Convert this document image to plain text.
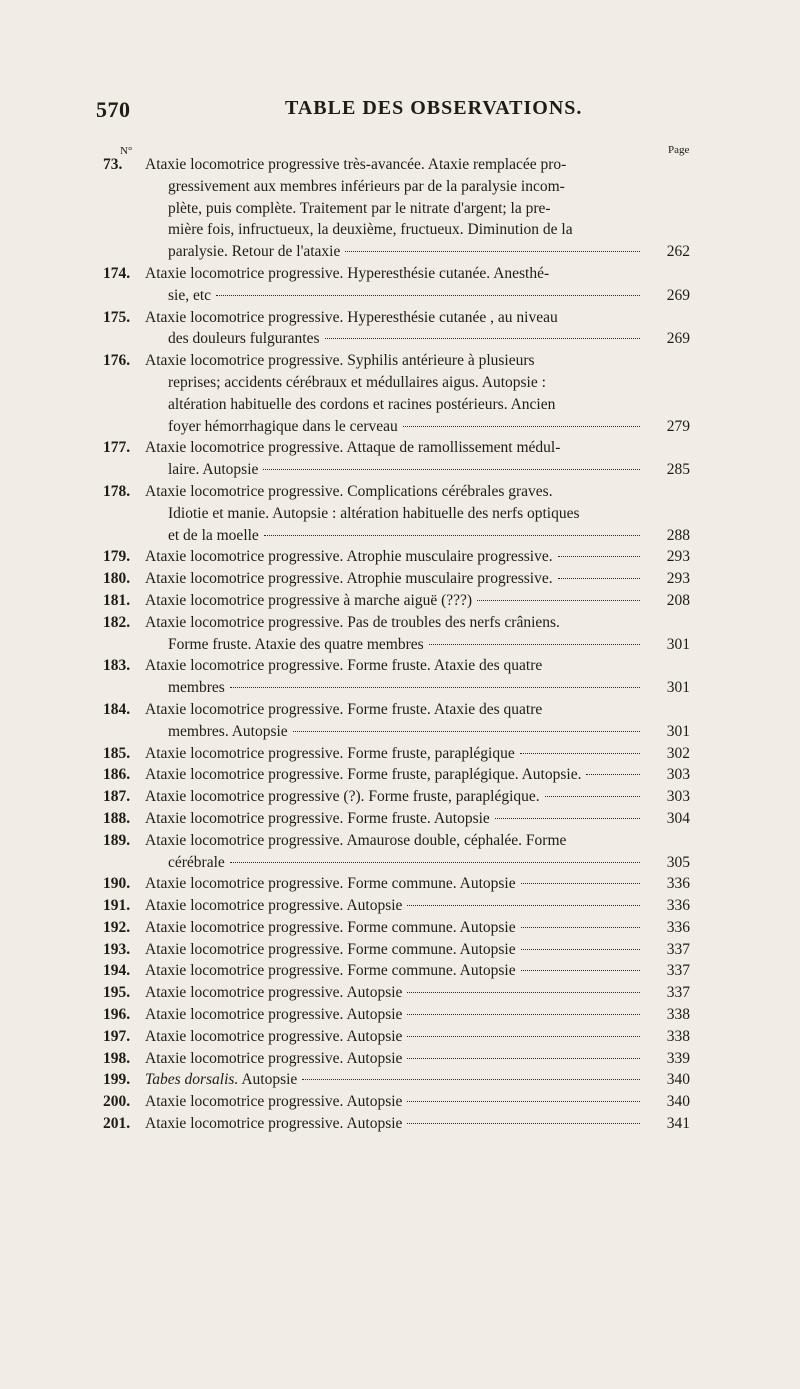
570	TABLE DES OBSERVATIONS.
N°	Page
73. Ataxie locomotrice progressive très-avancée. Ataxie remplacée pro-
gressivement aux membres inférieurs par de la paralysie incom-
plète, puis complète. Traitement par le nitrate d'argent; la pre-
mière fois, infructueux, la deuxième, fructueux. Diminution de la
paralysie. Retour de l'ataxie	262
174. Ataxie locomotrice progressive. Hyperesthésie cutanée. Anesthé-
sie, etc	269
175. Ataxie locomotrice progressive. Hyperesthésie cutanée , au niveau
des douleurs fulgurantes	269
176. Ataxie locomotrice progressive. Syphilis antérieure à plusieurs
reprises; accidents cérébraux et médullaires aigus. Autopsie :
altération habituelle des cordons et racines postérieurs. Ancien
foyer hémorrhagique dans le cerveau	279
177. Ataxie locomotrice progressive. Attaque de ramollissement médul-
laire. Autopsie	285
178. Ataxie locomotrice progressive. Complications cérébrales graves.
Idiotie et manie. Autopsie : altération habituelle des nerfs optiques
et de la moelle	288
179. Ataxie locomotrice progressive. Atrophie musculaire progressive.	293
180. Ataxie locomotrice progressive. Atrophie musculaire progressive.	293
181. Ataxie locomotrice progressive à marche aiguë (???)	208
182. Ataxie locomotrice progressive. Pas de troubles des nerfs crâniens.
Forme fruste. Ataxie des quatre membres	301
183. Ataxie locomotrice progressive. Forme fruste. Ataxie des quatre
membres	301
184. Ataxie locomotrice progressive. Forme fruste. Ataxie des quatre
membres. Autopsie	301
185. Ataxie locomotrice progressive. Forme fruste, paraplégique	302
186. Ataxie locomotrice progressive. Forme fruste, paraplégique. Autopsie.	303
187. Ataxie locomotrice progressive (?). Forme fruste, paraplégique.	303
188. Ataxie locomotrice progressive. Forme fruste. Autopsie	304
189. Ataxie locomotrice progressive. Amaurose double, céphalée. Forme
cérébrale	305
190. Ataxie locomotrice progressive. Forme commune. Autopsie	336
191. Ataxie locomotrice progressive. Autopsie	336
192. Ataxie locomotrice progressive. Forme commune. Autopsie	336
193. Ataxie locomotrice progressive. Forme commune. Autopsie	337
194. Ataxie locomotrice progressive. Forme commune. Autopsie	337
195. Ataxie locomotrice progressive. Autopsie	337
196. Ataxie locomotrice progressive. Autopsie	338
197. Ataxie locomotrice progressive. Autopsie	338
198. Ataxie locomotrice progressive. Autopsie	339
199. Tabes dorsalis. Autopsie	340
200. Ataxie locomotrice progressive. Autopsie	340
201. Ataxie locomotrice progressive. Autopsie	341
